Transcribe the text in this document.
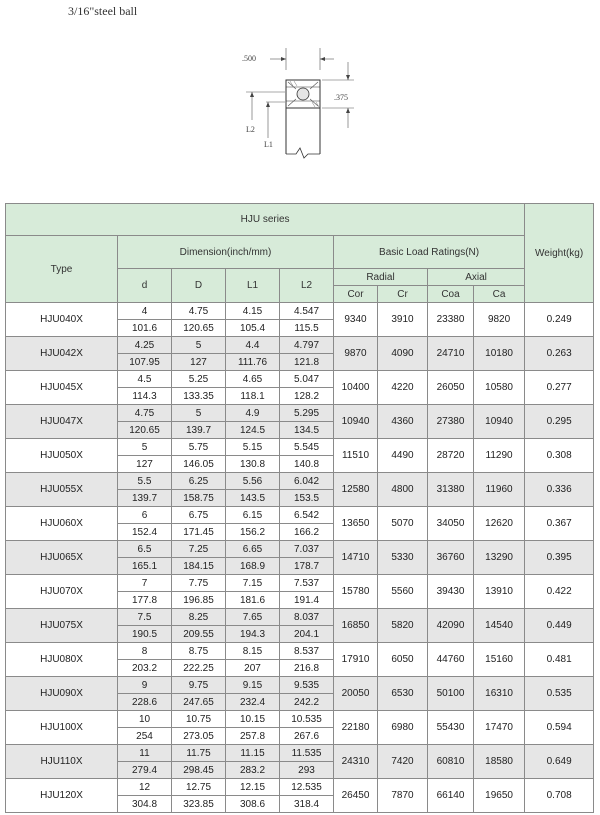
3/16"steel ball
.500
.375
L2
L1
HJU series									Weight(kg)
Type	Dimension(inch/mm)				Basic Load Ratings(N)				
	d	D	L1	L2	Radial		Axial		
					Cor	Cr	Coa	Ca	
HJU040X	4	4.75	4.15	4.547	9340	3910	23380	9820	0.249
	101.6	120.65	105.4	115.5					
HJU042X	4.25	5	4.4	4.797	9870	4090	24710	10180	0.263
	107.95	127	111.76	121.8					
HJU045X	4.5	5.25	4.65	5.047	10400	4220	26050	10580	0.277
	114.3	133.35	118.1	128.2					
HJU047X	4.75	5	4.9	5.295	10940	4360	27380	10940	0.295
	120.65	139.7	124.5	134.5					
HJU050X	5	5.75	5.15	5.545	11510	4490	28720	11290	0.308
	127	146.05	130.8	140.8					
HJU055X	5.5	6.25	5.56	6.042	12580	4800	31380	11960	0.336
	139.7	158.75	143.5	153.5					
HJU060X	6	6.75	6.15	6.542	13650	5070	34050	12620	0.367
	152.4	171.45	156.2	166.2					
HJU065X	6.5	7.25	6.65	7.037	14710	5330	36760	13290	0.395
	165.1	184.15	168.9	178.7					
HJU070X	7	7.75	7.15	7.537	15780	5560	39430	13910	0.422
	177.8	196.85	181.6	191.4					
HJU075X	7.5	8.25	7.65	8.037	16850	5820	42090	14540	0.449
	190.5	209.55	194.3	204.1					
HJU080X	8	8.75	8.15	8.537	17910	6050	44760	15160	0.481
	203.2	222.25	207	216.8					
HJU090X	9	9.75	9.15	9.535	20050	6530	50100	16310	0.535
	228.6	247.65	232.4	242.2					
HJU100X	10	10.75	10.15	10.535	22180	6980	55430	17470	0.594
	254	273.05	257.8	267.6					
HJU110X	11	11.75	11.15	11.535	24310	7420	60810	18580	0.649
	279.4	298.45	283.2	293					
HJU120X	12	12.75	12.15	12.535	26450	7870	66140	19650	0.708
	304.8	323.85	308.6	318.4					
